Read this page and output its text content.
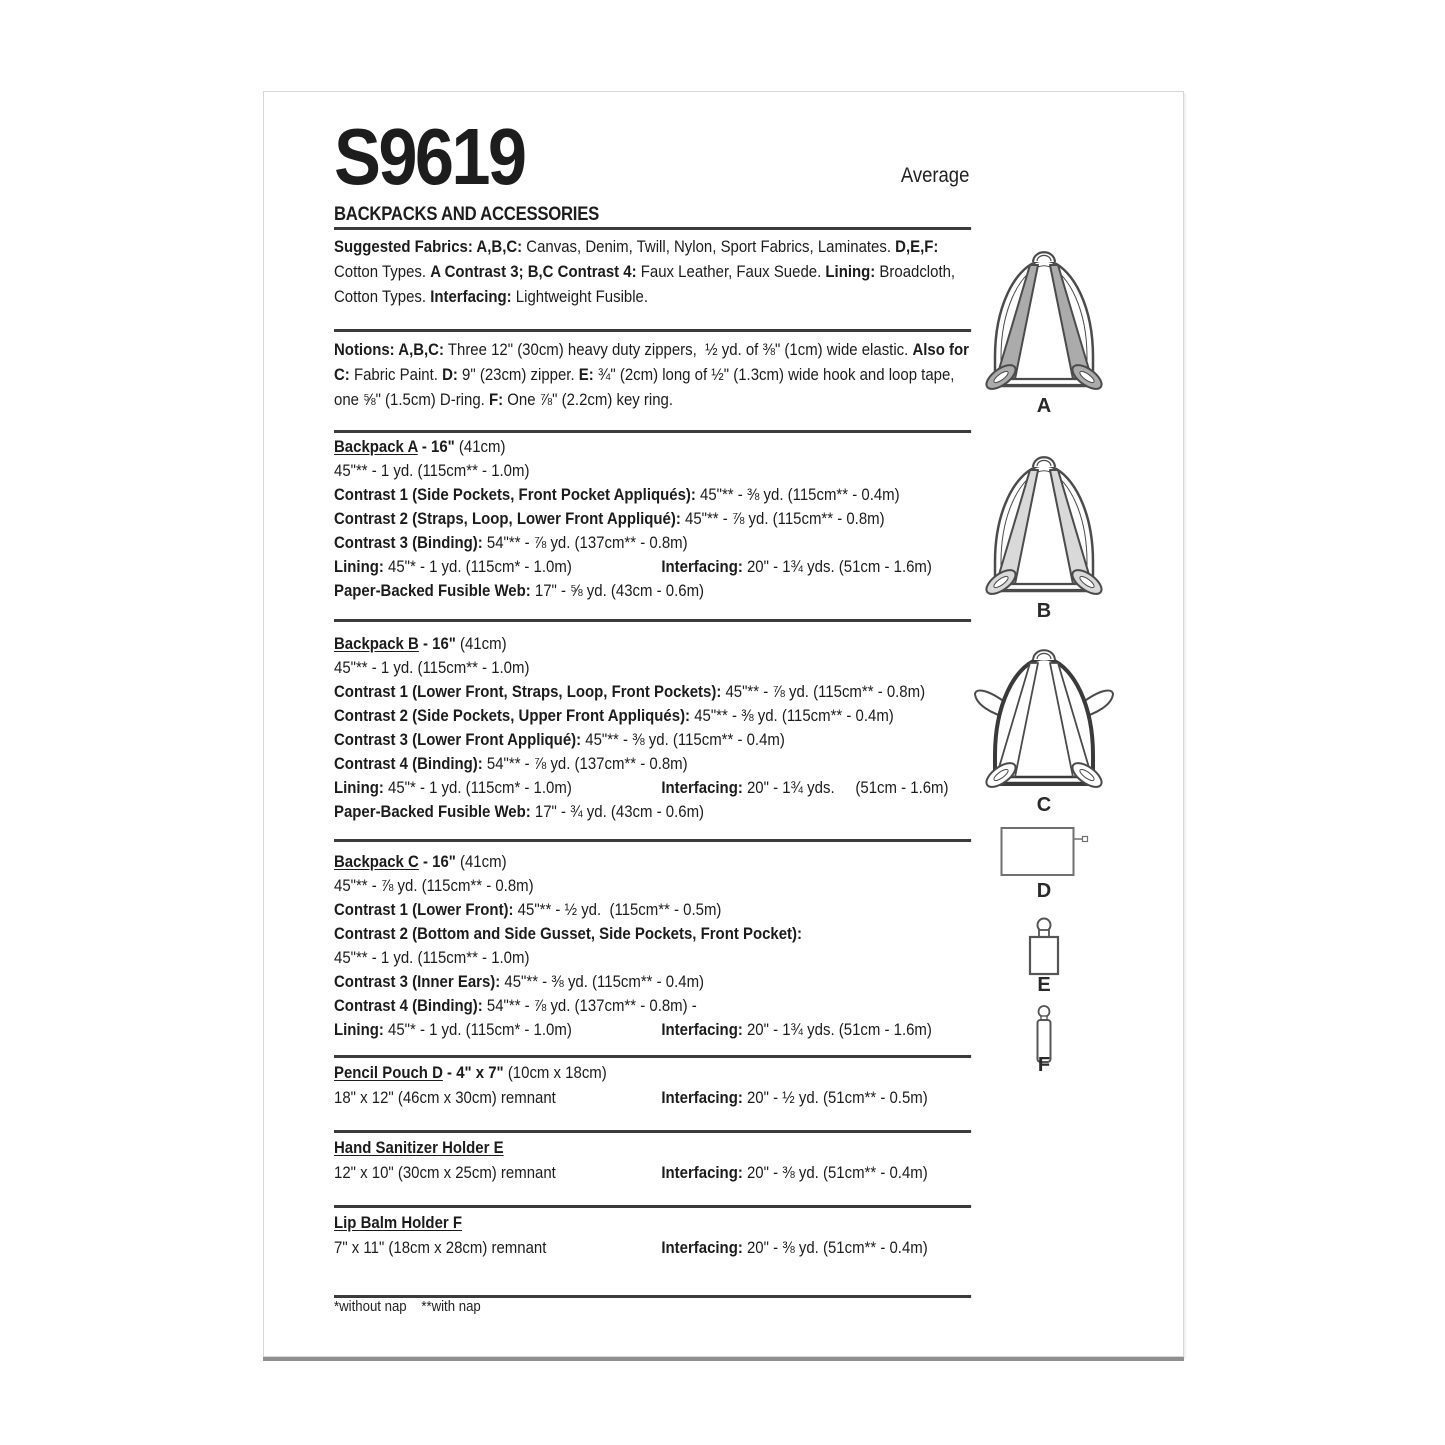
S9619	Average
BACKPACKS AND ACCESSORIES
*without nap    **with nap
Suggested Fabrics: A,B,C: Canvas, Denim, Twill, Nylon, Sport Fabrics, Laminates. D,E,F:
Cotton Types. A Contrast 3; B,C Contrast 4: Faux Leather, Faux Suede. Lining: Broadcloth,
Cotton Types. Interfacing: Lightweight Fusible.
Notions: A,B,C: Three 12" (30cm) heavy duty zippers,  ½ yd. of ⅜" (1cm) wide elastic. Also for
C: Fabric Paint. D: 9" (23cm) zipper. E: ¾" (2cm) long of ½" (1.3cm) wide hook and loop tape,
one ⅝" (1.5cm) D-ring. F: One ⅞" (2.2cm) key ring.
Backpack A - 16" (41cm)
45"** - 1 yd. (115cm** - 1.0m)
Contrast 1 (Side Pockets, Front Pocket Appliqués): 45"** - ⅜ yd. (115cm** - 0.4m)
Contrast 2 (Straps, Loop, Lower Front Appliqué): 45"** - ⅞ yd. (115cm** - 0.8m)
Contrast 3 (Binding): 54"** - ⅞ yd. (137cm** - 0.8m)
Lining: 45"* - 1 yd. (115cm* - 1.0m)	Interfacing: 20" - 1¾ yds. (51cm - 1.6m)
Paper-Backed Fusible Web: 17" - ⅝ yd. (43cm - 0.6m)
Backpack B - 16" (41cm)
45"** - 1 yd. (115cm** - 1.0m)
Contrast 1 (Lower Front, Straps, Loop, Front Pockets): 45"** - ⅞ yd. (115cm** - 0.8m)
Contrast 2 (Side Pockets, Upper Front Appliqués): 45"** - ⅜ yd. (115cm** - 0.4m)
Contrast 3 (Lower Front Appliqué): 45"** - ⅜ yd. (115cm** - 0.4m)
Contrast 4 (Binding): 54"** - ⅞ yd. (137cm** - 0.8m)
Lining: 45"* - 1 yd. (115cm* - 1.0m)	Interfacing: 20" - 1¾ yds.     (51cm - 1.6m)
Paper-Backed Fusible Web: 17" - ¾ yd. (43cm - 0.6m)
Backpack C - 16" (41cm)
45"** - ⅞ yd. (115cm** - 0.8m)
Contrast 1 (Lower Front): 45"** - ½ yd.  (115cm** - 0.5m)
Contrast 2 (Bottom and Side Gusset, Side Pockets, Front Pocket):
45"** - 1 yd. (115cm** - 1.0m)
Contrast 3 (Inner Ears): 45"** - ⅜ yd. (115cm** - 0.4m)
Contrast 4 (Binding): 54"** - ⅞ yd. (137cm** - 0.8m) -
Lining: 45"* - 1 yd. (115cm* - 1.0m)	Interfacing: 20" - 1¾ yds. (51cm - 1.6m)
Pencil Pouch D - 4" x 7" (10cm x 18cm)
18" x 12" (46cm x 30cm) remnant	Interfacing: 20" - ½ yd. (51cm** - 0.5m)
Hand Sanitizer Holder E
12" x 10" (30cm x 25cm) remnant	Interfacing: 20" - ⅜ yd. (51cm** - 0.4m)
Lip Balm Holder F
7" x 11" (18cm x 28cm) remnant	Interfacing: 20" - ⅜ yd. (51cm** - 0.4m)
A
B
C
D
E
F
